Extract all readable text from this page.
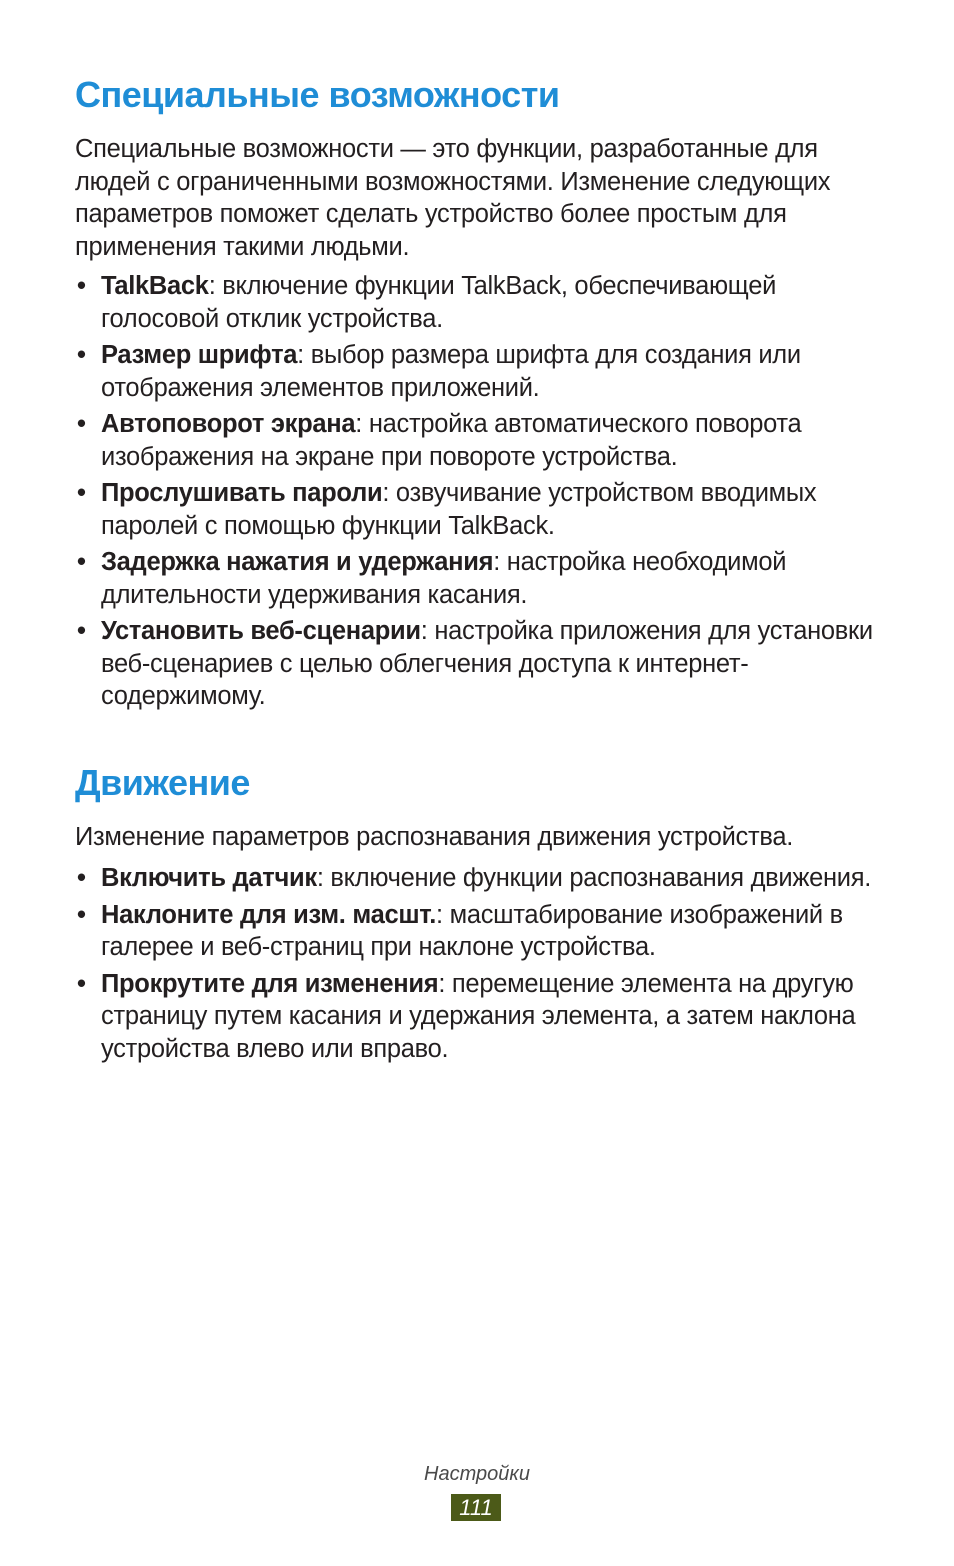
Специальные возможности

Специальные возможности — это функции, разработанные для людей с ограниченными возможностями. Изменение следующих параметров поможет сделать устройство более простым для применения такими людьми.

• TalkBack: включение функции TalkBack, обеспечивающей голосовой отклик устройства.
• Размер шрифта: выбор размера шрифта для создания или отображения элементов приложений.
• Автоповорот экрана: настройка автоматического поворота изображения на экране при повороте устройства.
• Прослушивать пароли: озвучивание устройством вводимых паролей с помощью функции TalkBack.
• Задержка нажатия и удержания: настройка необходимой длительности удерживания касания.
• Установить веб-сценарии: настройка приложения для установки веб-сценариев с целью облегчения доступа к интернет-содержимому.
Движение

Изменение параметров распознавания движения устройства.

• Включить датчик: включение функции распознавания движения.
• Наклоните для изм. масшт.: масштабирование изображений в галерее и веб-страниц при наклоне устройства.
• Прокрутите для изменения: перемещение элемента на другую страницу путем касания и удержания элемента, а затем наклона устройства влево или вправо.
Настройки
111
